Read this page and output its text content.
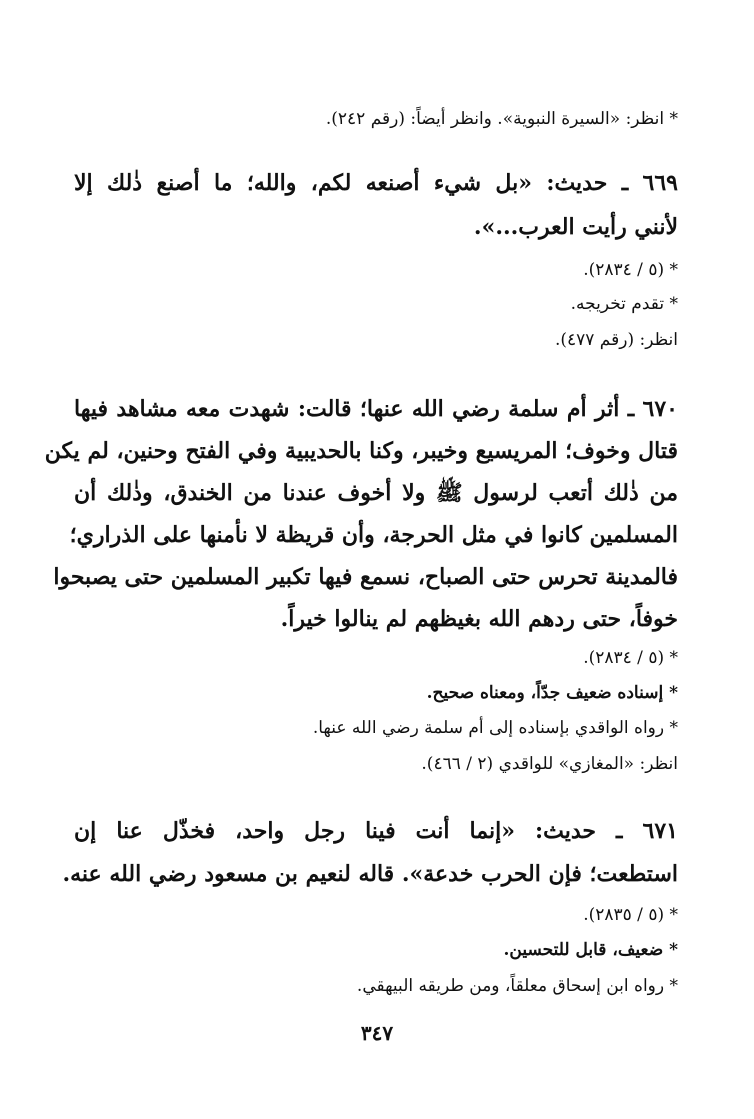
* انظر: «السيرة النبوية». وانظر أيضاً: (رقم ٢٤٢).
٦٦٩ ـ حديث: «بل شيء أصنعه لكم، والله؛ ما أصنع ذٰلك إلا
لأنني رأيت العرب...».
* (٥ / ٢٨٣٤).
* تقدم تخريجه.
انظر: (رقم ٤٧٧).
٦٧٠ ـ أثر أم سلمة رضي الله عنها؛ قالت: شهدت معه مشاهد فيها
قتال وخوف؛ المريسيع وخيبر، وكنا بالحديبية وفي الفتح وحنين، لم يكن
من ذٰلك أتعب لرسول ﷺ ولا أخوف عندنا من الخندق، وذٰلك أن
المسلمين كانوا في مثل الحرجة، وأن قريظة لا نأمنها على الذراري؛
فالمدينة تحرس حتى الصباح، نسمع فيها تكبير المسلمين حتى يصبحوا
خوفاً، حتى ردهم الله بغيظهم لم ينالوا خيراً.
* (٥ / ٢٨٣٤).
* إسناده ضعيف جدّاً، ومعناه صحيح.
* رواه الواقدي بإسناده إلى أم سلمة رضي الله عنها.
انظر: «المغازي» للواقدي (٢ / ٤٦٦).
٦٧١ ـ حديث: «إنما أنت فينا رجل واحد، فخذّل عنا إن
استطعت؛ فإن الحرب خدعة». قاله لنعيم بن مسعود رضي الله عنه.
* (٥ / ٢٨٣٥).
* ضعيف، قابل للتحسين.
* رواه ابن إسحاق معلقاً، ومن طريقه البيهقي.
٣٤٧
